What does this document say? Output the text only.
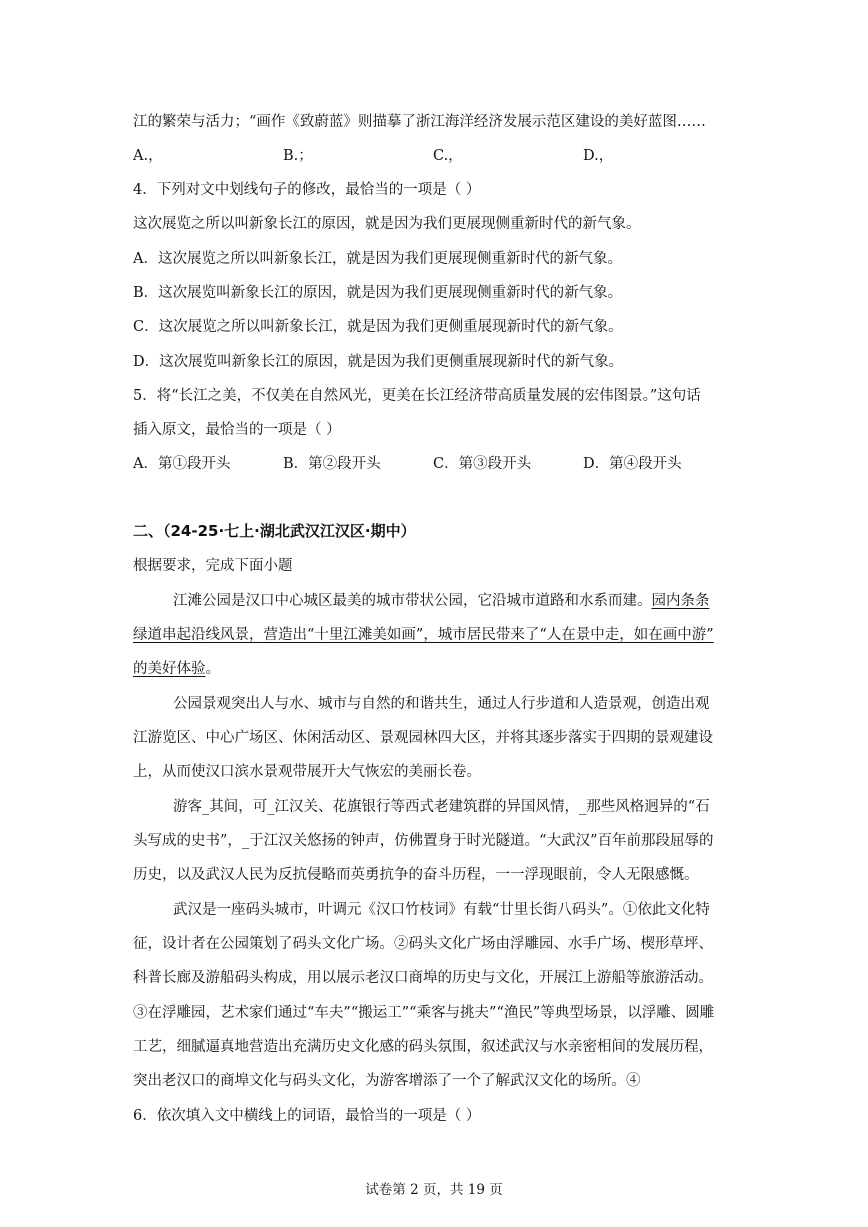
江的繁荣与活力；“画作《致蔚蓝》则描摹了浙江海洋经济发展示范区建设的美好蓝图……
A.，	B.；	C.，	D.，
4．下列对文中划线句子的修改，最恰当的一项是（ ）
这次展览之所以叫新象长江的原因，就是因为我们更展现侧重新时代的新气象。
A．这次展览之所以叫新象长江，就是因为我们更展现侧重新时代的新气象。
B．这次展览叫新象长江的原因，就是因为我们更展现侧重新时代的新气象。
C．这次展览之所以叫新象长江，就是因为我们更侧重展现新时代的新气象。
D．这次展览叫新象长江的原因，就是因为我们更侧重展现新时代的新气象。
5．将“长江之美，不仅美在自然风光，更美在长江经济带高质量发展的宏伟图景。”这句话
插入原文，最恰当的一项是（ ）
A．第①段开头	B．第②段开头	C．第③段开头	D．第④段开头
二、（24-25·七上·湖北武汉江汉区·期中）
根据要求，完成下面小题
江滩公园是汉口中心城区最美的城市带状公园，它沿城市道路和水系而建。园内条条
绿道串起沿线风景，营造出“十里江滩美如画”，城市居民带来了“人在景中走，如在画中游”
的美好体验。
公园景观突出人与水、城市与自然的和谐共生，通过人行步道和人造景观，创造出观
江游览区、中心广场区、休闲活动区、景观园林四大区，并将其逐步落实于四期的景观建设
上，从而使汉口滨水景观带展开大气恢宏的美丽长卷。
游客_其间，可_江汉关、花旗银行等西式老建筑群的异国风情，_那些风格迥异的“石
头写成的史书”，_于江汉关悠扬的钟声，仿佛置身于时光隧道。“大武汉”百年前那段屈辱的
历史，以及武汉人民为反抗侵略而英勇抗争的奋斗历程，一一浮现眼前，令人无限感慨。
武汉是一座码头城市，叶调元《汉口竹枝词》有载“廿里长街八码头”。①依此文化特
征，设计者在公园策划了码头文化广场。②码头文化广场由浮雕园、水手广场、楔形草坪、
科普长廊及游船码头构成，用以展示老汉口商埠的历史与文化，开展江上游船等旅游活动。
③在浮雕园，艺术家们通过“车夫”“搬运工”“乘客与挑夫”“渔民”等典型场景，以浮雕、圆雕
工艺，细腻逼真地营造出充满历史文化感的码头氛围，叙述武汉与水亲密相间的发展历程，
突出老汉口的商埠文化与码头文化，为游客增添了一个了解武汉文化的场所。④
6．依次填入文中横线上的词语，最恰当的一项是（ ）
试卷第 2 页，共 19 页
